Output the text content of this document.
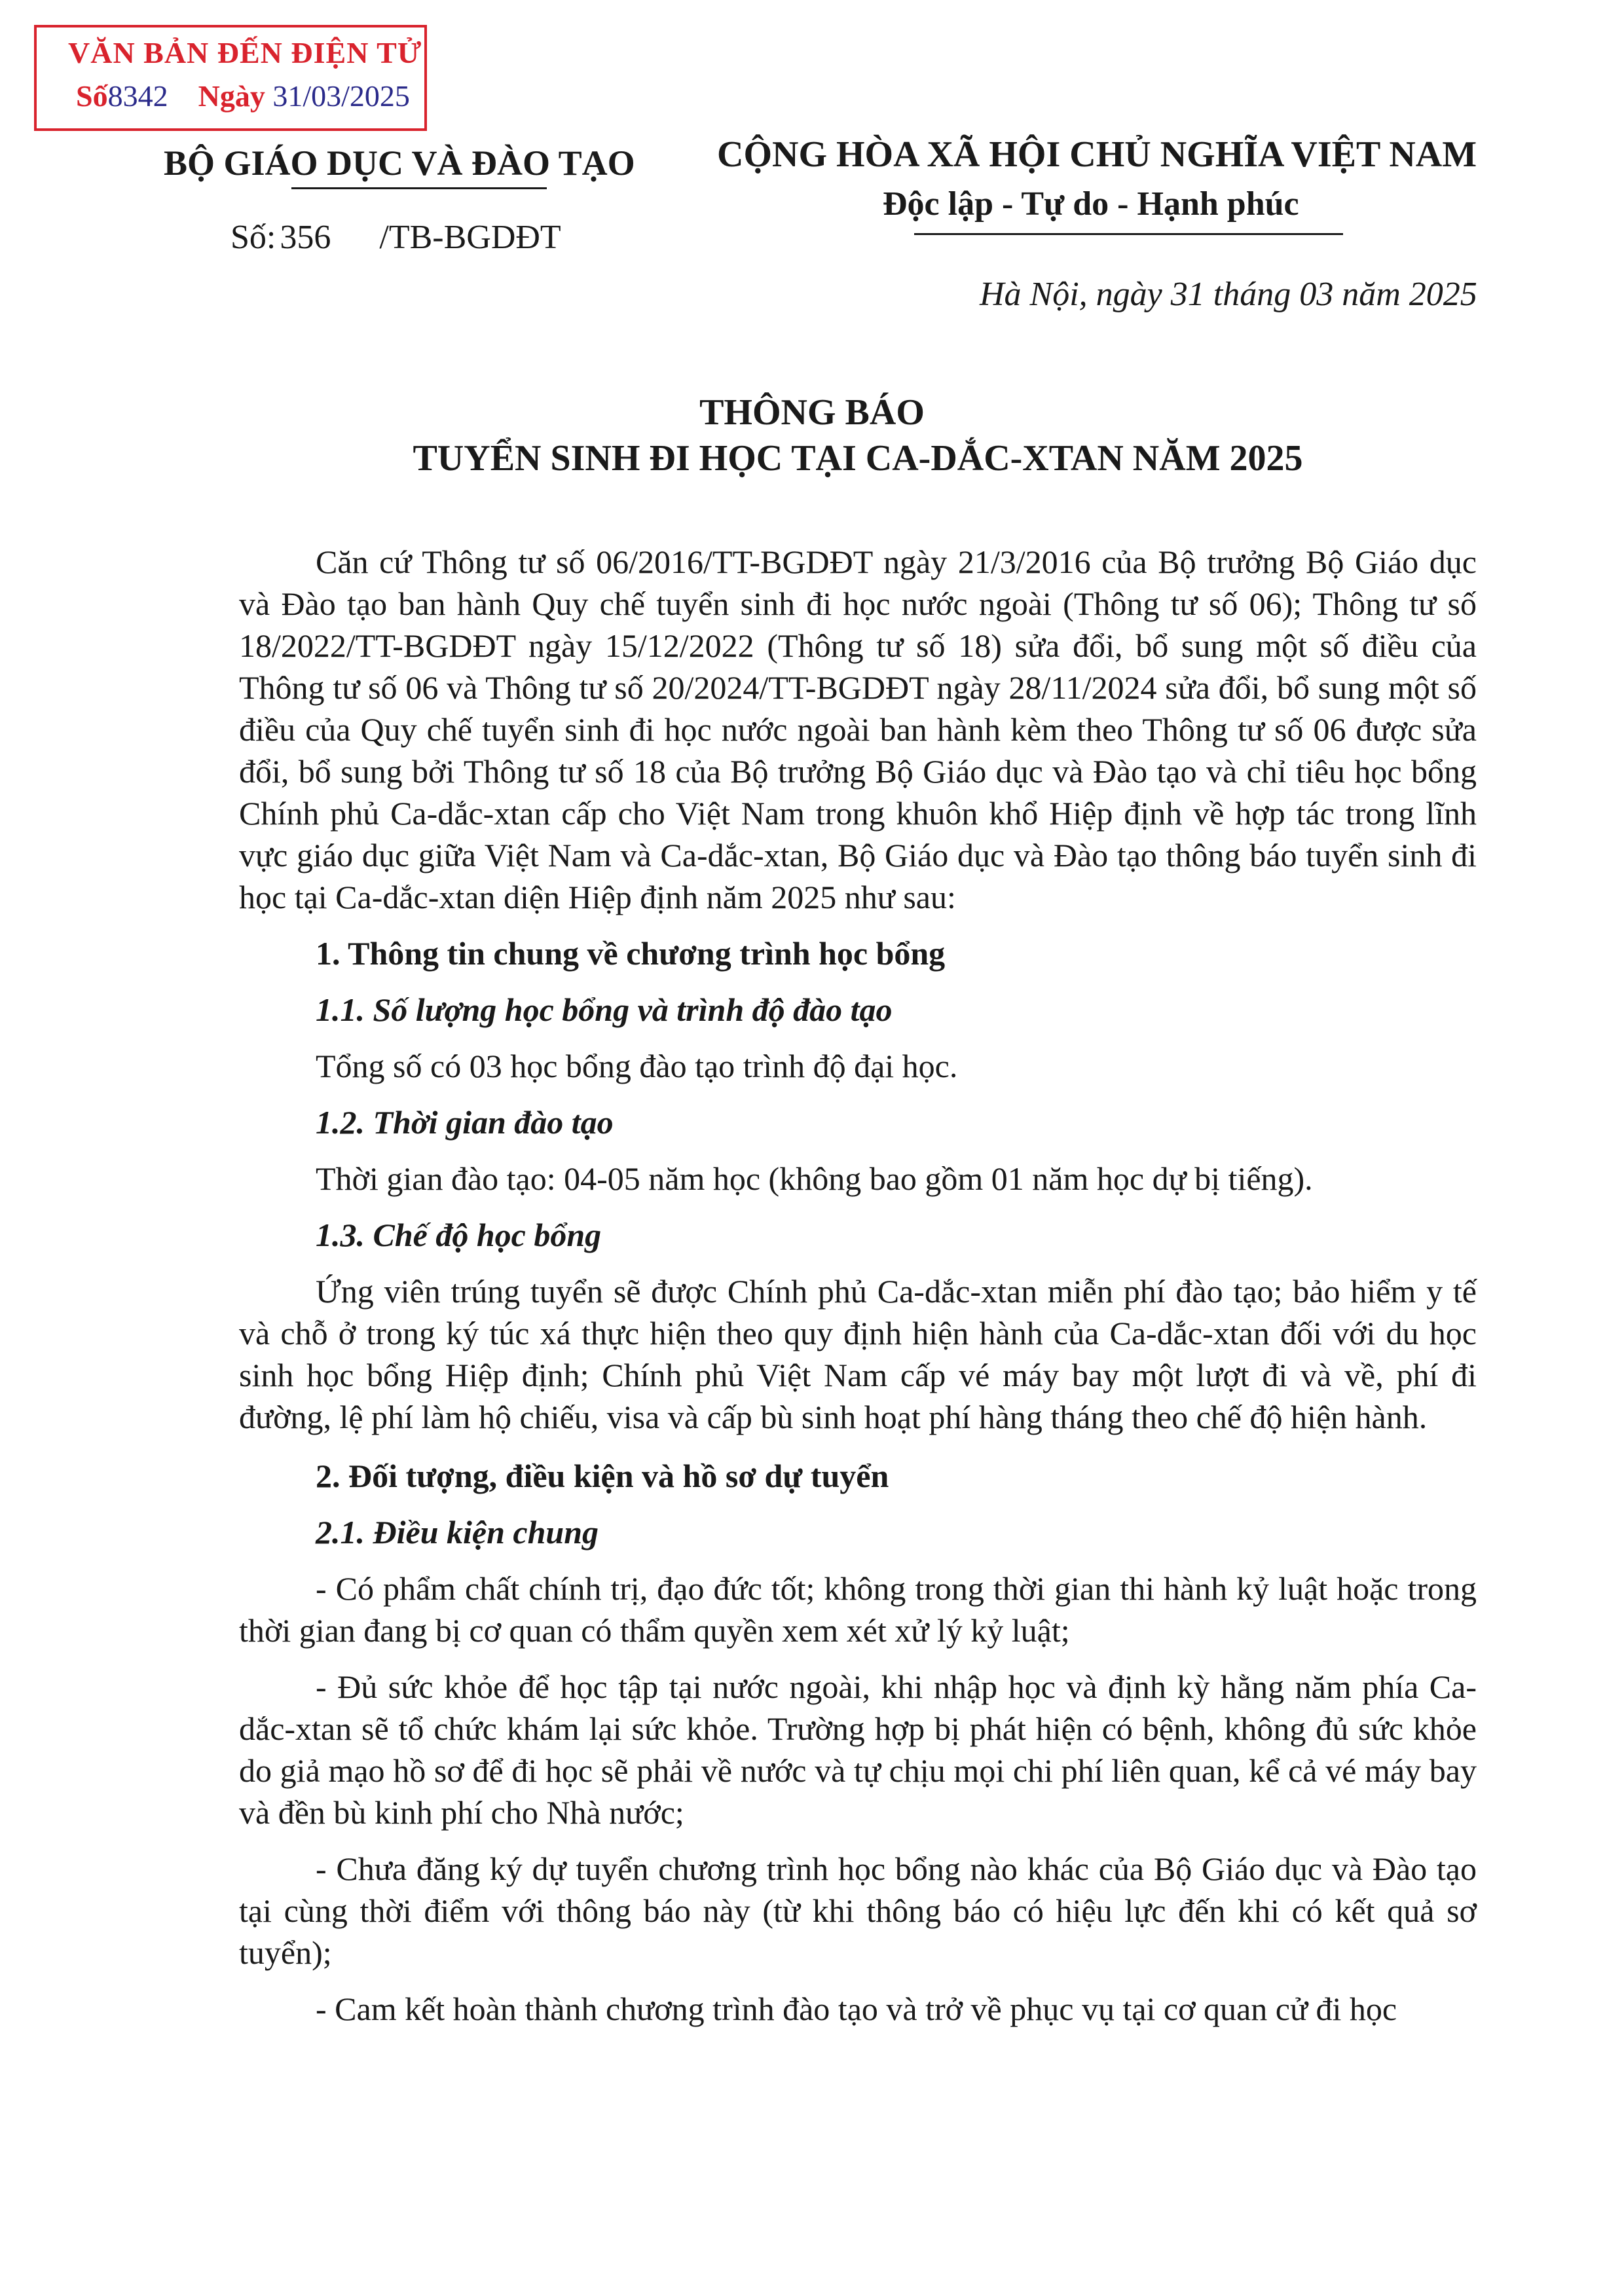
VĂN BẢN ĐẾN ĐIỆN TỬ
Số8342 Ngày 31/03/2025
BỘ GIÁO DỤC VÀ ĐÀO TẠO
Số: 356 /TB-BGDĐT
CỘNG HÒA XÃ HỘI CHỦ NGHĨA VIỆT NAM
Độc lập - Tự do - Hạnh phúc
Hà Nội, ngày 31 tháng 03 năm 2025
THÔNG BÁO
TUYỂN SINH ĐI HỌC TẠI CA-DẮC-XTAN NĂM 2025

Căn cứ Thông tư số 06/2016/TT-BGDĐT ngày 21/3/2016 của Bộ trưởng Bộ Giáo dục và Đào tạo ban hành Quy chế tuyển sinh đi học nước ngoài (Thông tư số 06); Thông tư số 18/2022/TT-BGDĐT ngày 15/12/2022 (Thông tư số 18) sửa đổi, bổ sung một số điều của Thông tư số 06 và Thông tư số 20/2024/TT-BGDĐT ngày 28/11/2024 sửa đổi, bổ sung một số điều của Quy chế tuyển sinh đi học nước ngoài ban hành kèm theo Thông tư số 06 được sửa đổi, bổ sung bởi Thông tư số 18 của Bộ trưởng Bộ Giáo dục và Đào tạo và chỉ tiêu học bổng Chính phủ Ca-dắc-xtan cấp cho Việt Nam trong khuôn khổ Hiệp định về hợp tác trong lĩnh vực giáo dục giữa Việt Nam và Ca-dắc-xtan, Bộ Giáo dục và Đào tạo thông báo tuyển sinh đi học tại Ca-dắc-xtan diện Hiệp định năm 2025 như sau:

1. Thông tin chung về chương trình học bổng

1.1. Số lượng học bổng và trình độ đào tạo

Tổng số có 03 học bổng đào tạo trình độ đại học.

1.2. Thời gian đào tạo

Thời gian đào tạo: 04-05 năm học (không bao gồm 01 năm học dự bị tiếng).

1.3. Chế độ học bổng

Ứng viên trúng tuyển sẽ được Chính phủ Ca-dắc-xtan miễn phí đào tạo; bảo hiểm y tế và chỗ ở trong ký túc xá thực hiện theo quy định hiện hành của Ca-dắc-xtan đối với du học sinh học bổng Hiệp định; Chính phủ Việt Nam cấp vé máy bay một lượt đi và về, phí đi đường, lệ phí làm hộ chiếu, visa và cấp bù sinh hoạt phí hàng tháng theo chế độ hiện hành.

2. Đối tượng, điều kiện và hồ sơ dự tuyển

2.1. Điều kiện chung

- Có phẩm chất chính trị, đạo đức tốt; không trong thời gian thi hành kỷ luật hoặc trong thời gian đang bị cơ quan có thẩm quyền xem xét xử lý kỷ luật;

- Đủ sức khỏe để học tập tại nước ngoài, khi nhập học và định kỳ hằng năm phía Ca-dắc-xtan sẽ tổ chức khám lại sức khỏe. Trường hợp bị phát hiện có bệnh, không đủ sức khỏe do giả mạo hồ sơ để đi học sẽ phải về nước và tự chịu mọi chi phí liên quan, kể cả vé máy bay và đền bù kinh phí cho Nhà nước;

- Chưa đăng ký dự tuyển chương trình học bổng nào khác của Bộ Giáo dục và Đào tạo tại cùng thời điểm với thông báo này (từ khi thông báo có hiệu lực đến khi có kết quả sơ tuyển);

- Cam kết hoàn thành chương trình đào tạo và trở về phục vụ tại cơ quan cử đi học
